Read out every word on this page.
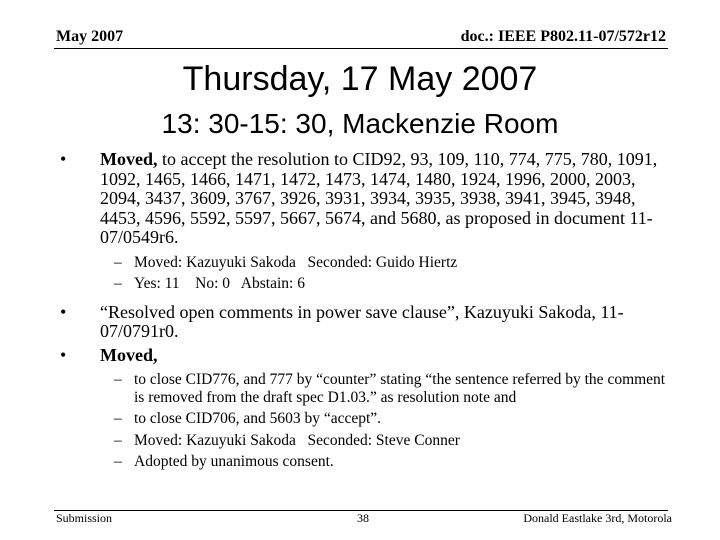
May 2007	doc.: IEEE P802.11-07/572r12
Thursday, 17 May 2007
13: 30-15: 30, Mackenzie Room
• Moved, to accept the resolution to CID92, 93, 109, 110, 774, 775, 780, 1091, 1092, 1465, 1466, 1471, 1472, 1473, 1474, 1480, 1924, 1996, 2000, 2003, 2094, 3437, 3609, 3767, 3926, 3931, 3934, 3935, 3938, 3941, 3945, 3948, 4453, 4596, 5592, 5597, 5667, 5674, and 5680, as proposed in document 11-07/0549r6.
– Moved: Kazuyuki Sakoda   Seconded: Guido Hiertz
– Yes: 11    No: 0   Abstain: 6
• “Resolved open comments in power save clause”, Kazuyuki Sakoda, 11-07/0791r0.
• Moved,
– to close CID776, and 777 by “counter” stating “the sentence referred by the comment is removed from the draft spec D1.03.” as resolution note and
– to close CID706, and 5603 by “accept”.
– Moved: Kazuyuki Sakoda   Seconded: Steve Conner
– Adopted by unanimous consent.
Submission	38	Donald Eastlake 3rd, Motorola
